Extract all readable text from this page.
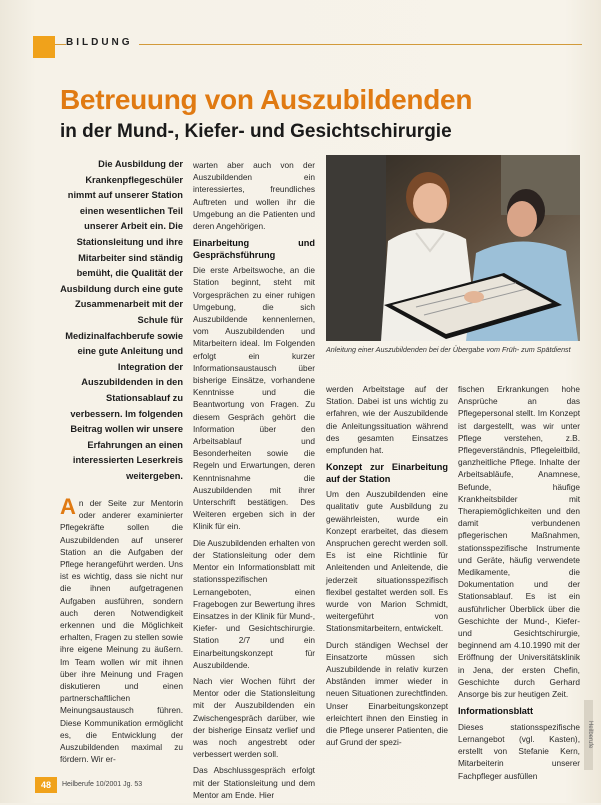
BILDUNG
Betreuung von Auszubildenden
in der Mund-, Kiefer- und Gesichtschirurgie
Die Ausbildung der Krankenpflegeschüler nimmt auf unserer Station einen wesentlichen Teil unserer Arbeit ein. Die Stationsleitung und ihre Mitarbeiter sind ständig bemüht, die Qualität der Ausbildung durch eine gute Zusammenarbeit mit der Schule für Medizinalfachberufe sowie eine gute Anleitung und Integration der Auszubildenden in den Stationsablauf zu verbessern. Im folgenden Beitrag wollen wir unsere Erfahrungen an einen interessierten Leserkreis weitergeben.

An der Seite zur Mentorin oder anderer examinierter Pflegekräfte sollen die Auszubildenden auf unserer Station an die Aufgaben der Pflege herangeführt werden. Uns ist es wichtig, dass sie nicht nur die ihnen aufgetragenen Aufgaben ausführen, sondern auch deren Notwendigkeit erkennen und die Möglichkeit erhalten, Fragen zu stellen sowie ihre eigene Meinung zu äußern. Im Team wollen wir mit ihnen über ihre Meinung und Fragen diskutieren und einen partnerschaftlichen Meinungsaustausch führen. Diese Kommunikation ermöglicht es, die Entwicklung der Auszubildenden maximal zu fördern. Wir er-

warten aber auch von der Auszubildenden ein interessiertes, freundliches Auftreten und wollen ihr die Umgebung an die Patienten und deren Angehörigen.

Einarbeitung und Gesprächsführung

Die erste Arbeitswoche, an die Station beginnt, steht mit Vorgesprächen zu einer ruhigen Umgebung, die sich Auszubildende kennenlernen, vom Auszubildenden und Mitarbeitern ideal. Im Folgenden erfolgt ein kurzer Informationsaustausch über bisherige Einsätze, vorhandene Kenntnisse und die Beantwortung von Fragen. Zu diesem Gespräch gehört die Information über den Arbeitsablauf und Besonderheiten sowie die Regeln und Erwartungen, deren Kenntnisnahme die Auszubildenden mit ihrer Unterschrift bestätigen. Des Weiteren ergeben sich in der Klinik für ein.

Die Auszubildenden erhalten von der Stationsleitung oder dem Mentor ein Informationsblatt mit stationsspezifischen Lernangeboten, einen Fragebogen zur Bewertung ihres Einsatzes in der Klinik für Mund-, Kiefer- und Gesichtschirurgie. Station 2/7 und ein Einarbeitungskonzept für Auszubildende.

Nach vier Wochen führt der Mentor oder die Stationsleitung mit der Auszubildenden ein Zwischengespräch darüber, wie der bisherige Einsatz verlief und was noch angestrebt oder verbessert werden soll.

Das Abschlussgespräch erfolgt mit der Stationsleitung und dem Mentor am Ende. Hier

Anleitung einer Auszubildenden bei der Übergabe vom Früh- zum Spätdienst

werden Arbeitstage auf der Station. Dabei ist uns wichtig zu erfahren, wie der Auszubildende die Anleitungssituation während des gesamten Einsatzes empfunden hat.

Konzept zur Einarbeitung auf der Station

Um den Auszubildenden eine qualitativ gute Ausbildung zu gewährleisten, wurde ein Konzept erarbeitet, das diesem Anspruchen gerecht werden soll. Es ist eine Richtlinie für Anleitenden und Anleitende, die jederzeit situationsspezifisch flexibel gestaltet werden soll. Es wurde von Marion Schmidt, weitergeführt von Stationsmitarbeitern, entwickelt.

Durch ständigen Wechsel der Einsatzorte müssen sich Auszubildende in relativ kurzen Abständen immer wieder in neuen Situationen zurechtfinden. Unser Einarbeitungskonzept erleichtert ihnen den Einstieg in die Pflege unserer Patienten, die auf Grund der spezi-

fischen Erkrankungen hohe Ansprüche an das Pflegepersonal stellt. Im Konzept ist dargestellt, was wir unter Pflege verstehen, z.B. Pflegeverständnis, Pflegeleitbild, ganzheitliche Pflege. Inhalte der Arbeitsabläufe, Anamnese, Befunde, häufige Krankheitsbilder mit Therapiemöglichkeiten und den damit verbundenen pflegerischen Maßnahmen, stationsspezifische Instrumente und Geräte, häufig verwendete Medikamente, die Dokumentation und der Stationsablauf. Es ist ein ausführlicher Überblick über die Geschichte der Mund-, Kiefer- und Gesichtschirurgie, beginnend am 4.10.1990 mit der Eröffnung der Universitätsklinik in Jena, der ersten Chefin, Geschichte durch Gerhard Ansorge bis zur heutigen Zeit.

Informationsblatt

Dieses stationsspezifische Lernangebot (vgl. Kasten), erstellt von Stefanie Kern, Mitarbeiterin unserer Fachpfleger ausfüllen

48	Heilberufe 10/2001 Jg. 53
Heilberufe
